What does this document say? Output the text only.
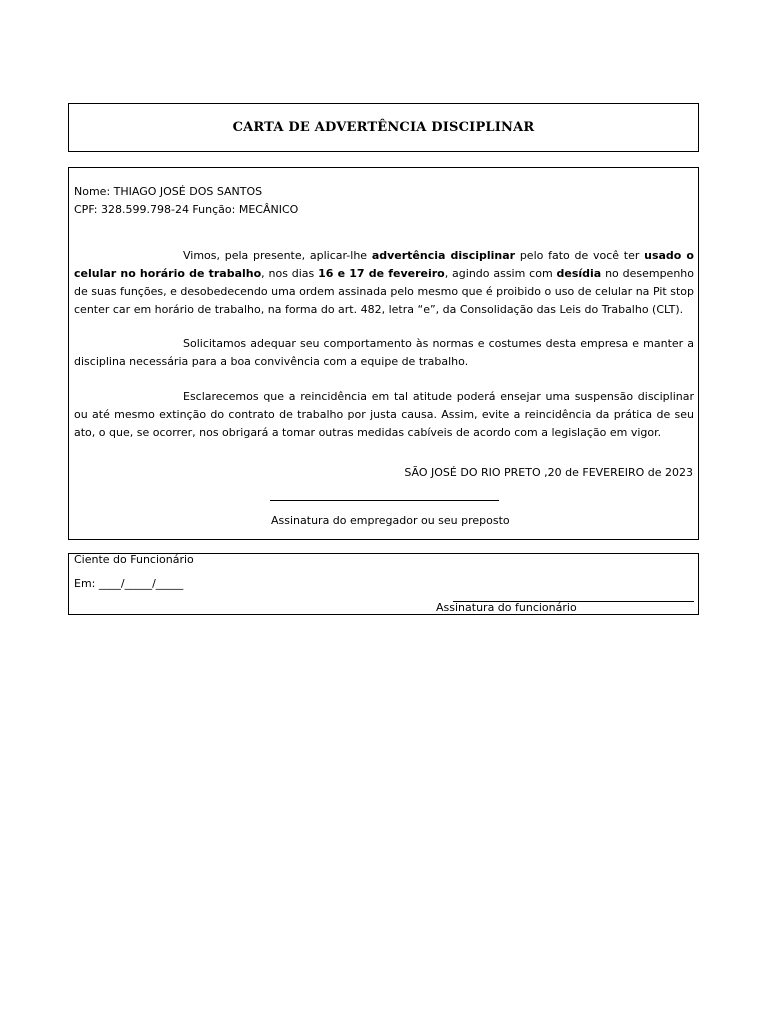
CARTA DE ADVERTÊNCIA DISCIPLINAR
Nome: THIAGO JOSÉ DOS SANTOS
CPF: 328.599.798-24 Função: MECÂNICO
Vimos, pela presente, aplicar-lhe advertência disciplinar pelo fato de você ter usado o celular no horário de trabalho, nos dias 16 e 17 de fevereiro, agindo assim com desídia no desempenho de suas funções, e desobedecendo uma ordem assinada pelo mesmo que é proibido o uso de celular na Pit stop center car em horário de trabalho, na forma do art. 482, letra “e”, da Consolidação das Leis do Trabalho (CLT).
Solicitamos adequar seu comportamento às normas e costumes desta empresa e manter a disciplina necessária para a boa convivência com a equipe de trabalho.
Esclarecemos que a reincidência em tal atitude poderá ensejar uma suspensão disciplinar ou até mesmo extinção do contrato de trabalho por justa causa. Assim, evite a reincidência da prática de seu ato, o que, se ocorrer, nos obrigará a tomar outras medidas cabíveis de acordo com a legislação em vigor.
SÃO JOSÉ DO RIO PRETO ,20 de FEVEREIRO de 2023
Assinatura do empregador ou seu preposto
Ciente do Funcionário
Em: ____/_____/_____
Assinatura do funcionário
